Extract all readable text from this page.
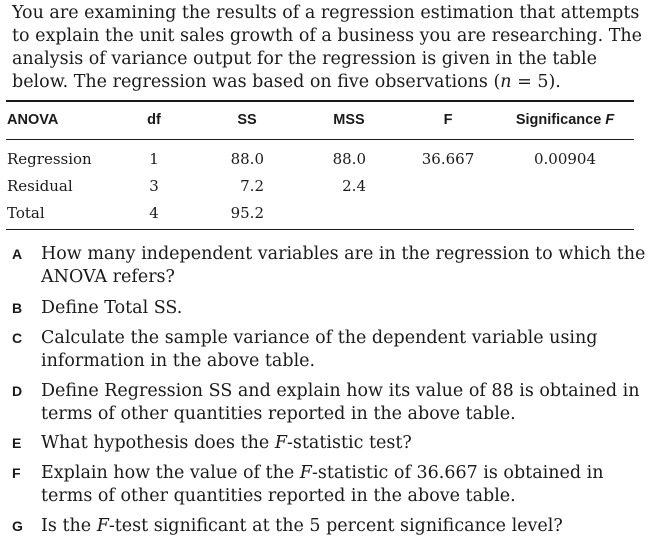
You are examining the results of a regression estimation that attempts to explain the unit sales growth of a business you are researching. The analysis of variance output for the regression is given in the table below. The regression was based on five observations (n = 5).
ANOVA	df	SS	MSS	F	Significance F
Regression	1	88.0	88.0	36.667	0.00904
Residual	3	7.2	2.4
Total	4	95.2
A How many independent variables are in the regression to which the ANOVA refers?
B Define Total SS.
C Calculate the sample variance of the dependent variable using information in the above table.
D Define Regression SS and explain how its value of 88 is obtained in terms of other quantities reported in the above table.
E What hypothesis does the F-statistic test?
F Explain how the value of the F-statistic of 36.667 is obtained in terms of other quantities reported in the above table.
G Is the F-test significant at the 5 percent significance level?
